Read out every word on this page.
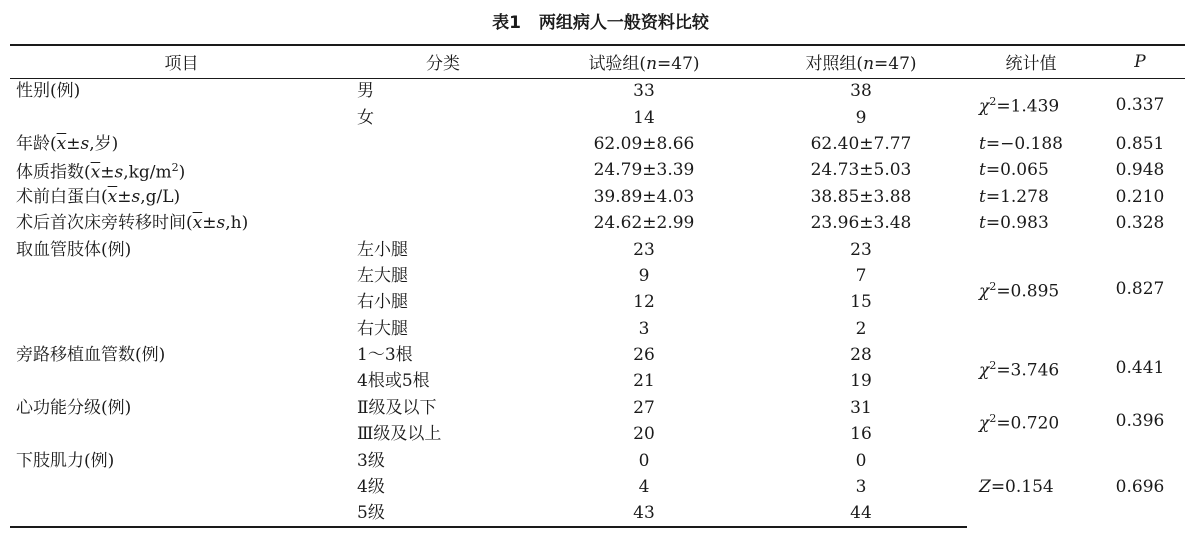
表1 两组病人一般资料比较
项目	分类	试验组(n=47)	对照组(n=47)	统计值	P
性别(例)	男	33	38	$\chi^2=1.439$	0.337
	女	14	9		
年龄($\overline{x}\pm s$,岁)		62.09±8.66	62.40±7.77	t=−0.188	0.851
体质指数$(\overline{x}\pm s,kg/m^2)$		24.79±3.39	24.73±5.03	t=0.065	0.948
术前白蛋白$(\overline{x}\pm s,g/L)$		39.89±4.03	38.85±3.88	t=1.278	0.210
术后首次床旁转移时间$(\overline{x}\pm s,h)$		24.62±2.99	23.96±3.48	t=0.983	0.328
取血管肢体(例)	左小腿	23	23	$\chi^2=0.895$	0.827
	左大腿	9	7		
	右小腿	12	15		
	右大腿	3	2		
旁路移植血管数(例)	1～3根	26	28	$\chi^2=3.746$	0.441
	4根或5根	21	19		
心功能分级(例)	Ⅱ级及以下	27	31	$\chi^2=0.720$	0.396
	Ⅲ级及以上	20	16		
下肢肌力(例)	3级	0	0	Z=0.154	0.696
	4级	4	3		
	5级	43	44		
